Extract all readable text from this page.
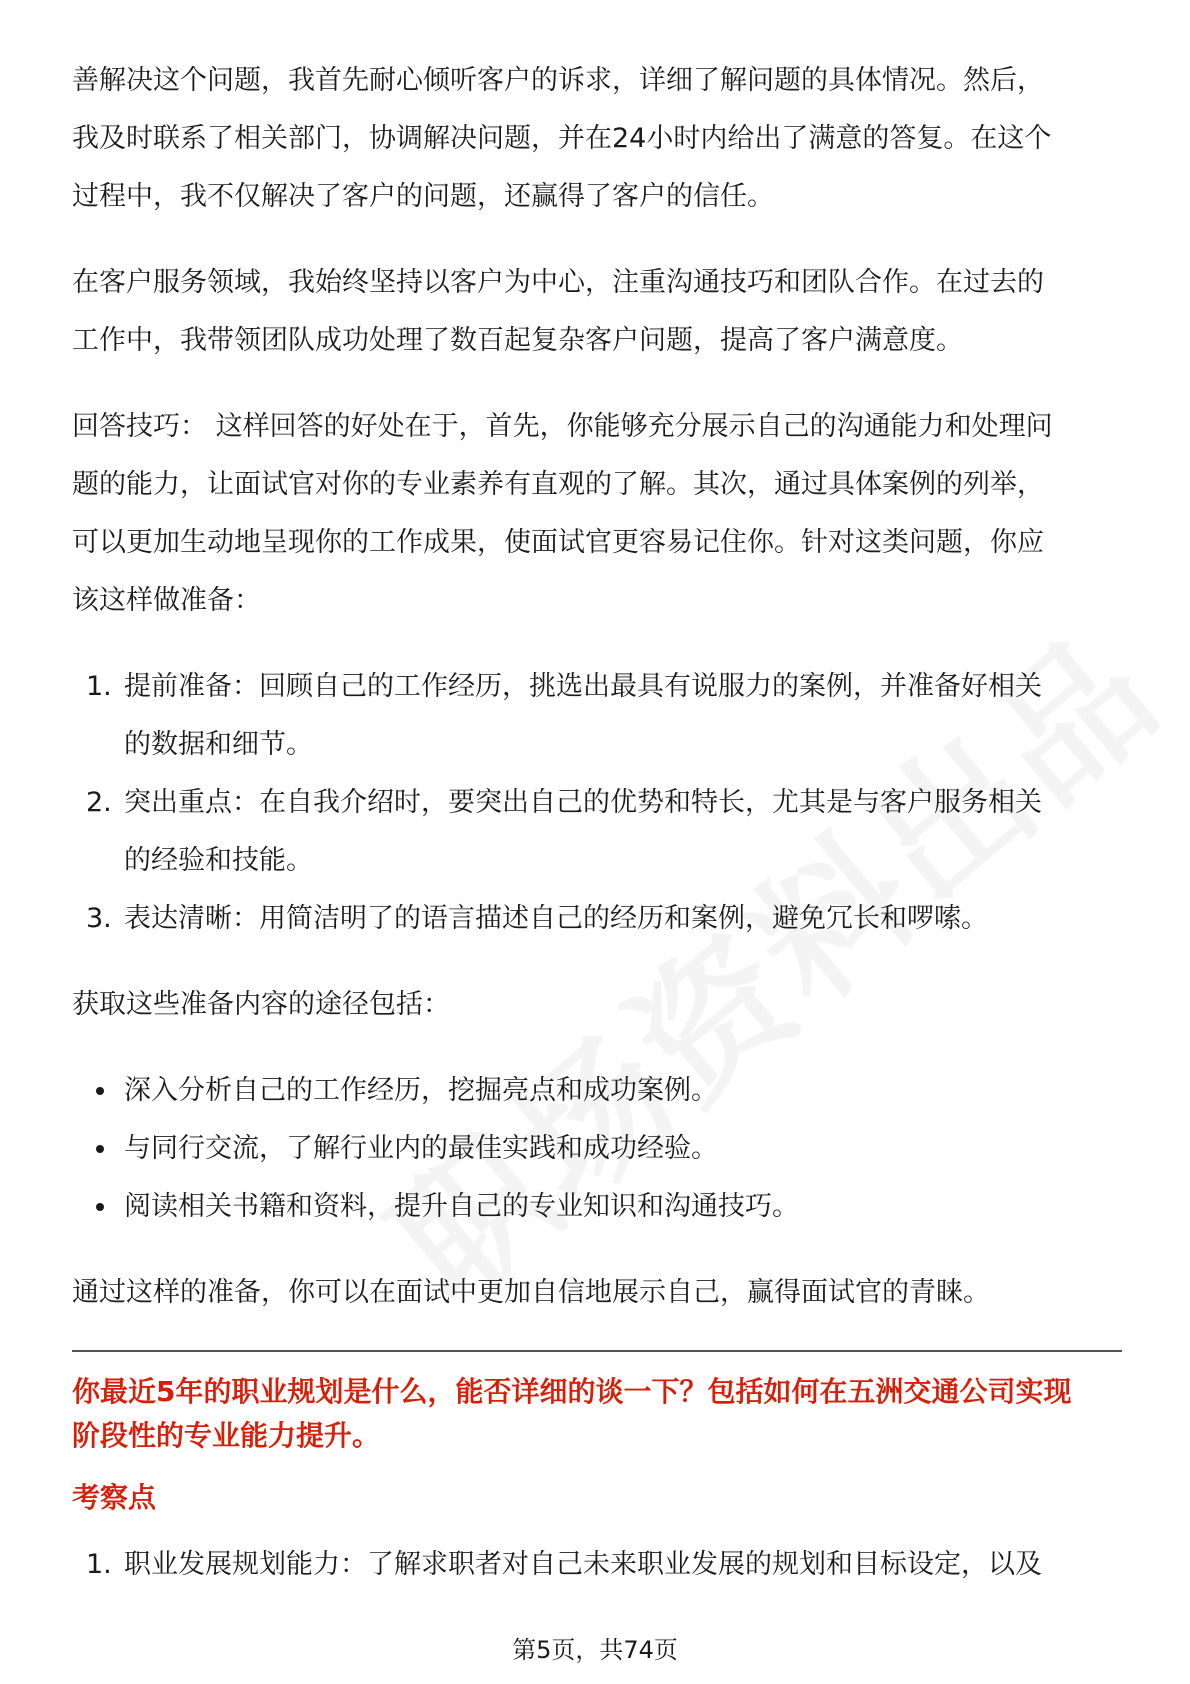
善解决这个问题，我首先耐心倾听客户的诉求，详细了解问题的具体情况。然后，

我及时联系了相关部门，协调解决问题，并在24小时内给出了满意的答复。在这个

过程中，我不仅解决了客户的问题，还赢得了客户的信任。

在客户服务领域，我始终坚持以客户为中心，注重沟通技巧和团队合作。在过去的

工作中，我带领团队成功处理了数百起复杂客户问题，提高了客户满意度。

回答技巧： 这样回答的好处在于，首先，你能够充分展示自己的沟通能力和处理问

题的能力，让面试官对你的专业素养有直观的了解。其次，通过具体案例的列举，

可以更加生动地呈现你的工作成果，使面试官更容易记住你。针对这类问题，你应

该这样做准备：

1. 提前准备：回顾自己的工作经历，挑选出最具有说服力的案例，并准备好相关
的数据和细节。
2. 突出重点：在自我介绍时，要突出自己的优势和特长，尤其是与客户服务相关
的经验和技能。
3. 表达清晰：用简洁明了的语言描述自己的经历和案例，避免冗长和啰嗦。

获取这些准备内容的途径包括：

深入分析自己的工作经历，挖掘亮点和成功案例。
与同行交流，了解行业内的最佳实践和成功经验。
阅读相关书籍和资料，提升自己的专业知识和沟通技巧。

通过这样的准备，你可以在面试中更加自信地展示自己，赢得面试官的青睐。

你最近5年的职业规划是什么，能否详细的谈一下？包括如何在五洲交通公司实现
阶段性的专业能力提升。
考察点
1. 职业发展规划能力：了解求职者对自己未来职业发展的规划和目标设定，以及
第5页，共74页
